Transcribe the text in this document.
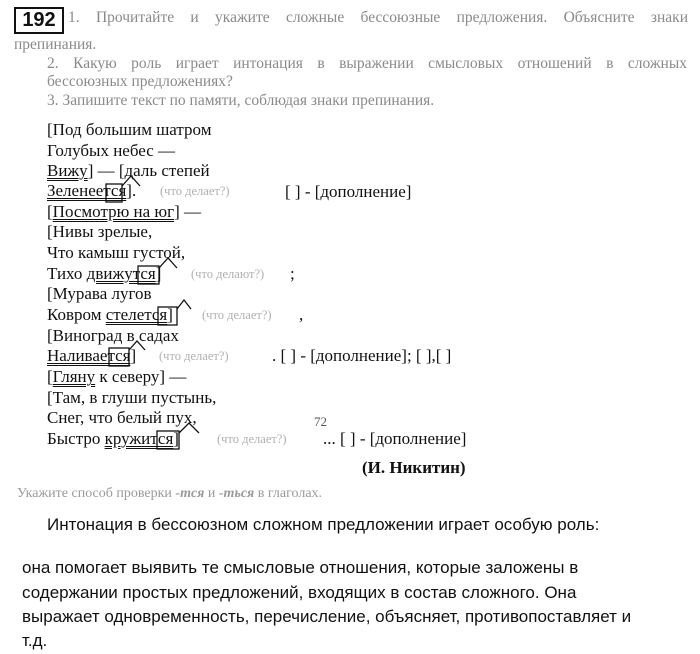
192 1. Прочитайте и укажите сложные бессоюзные предложения. Объясните знаки
препинания.
2. Какую роль играет интонация в выражении смысловых отношений в сложных
бессоюзных предложениях?
3. Запишите текст по памяти, соблюдая знаки препинания.
[Под большим шатром
Голубых небес —
Вижу] — [даль степей
Зеленеется]. (что делает?)	[ ] - [дополнение]
[Посмотрю на юг] —
[Нивы зрелые,
Что камыш густой,
Тихо движутся] (что делают?) ;
[Мурава лугов
Ковром стелется] (что делает?) ,
[Виноград в садах
Наливается] (что делает?)	. [ ] - [дополнение]; [ ],[ ]
[Гляну к северу] —
[Там, в глуши пустынь,
Снег, что белый пух,	72
Быстро кружится]	(что делает?) ... [ ] - [дополнение]
(И. Никитин)
Укажите способ проверки -тся и -ться в глаголах.
Интонация в бессоюзном сложном предложении играет особую роль:
она помогает выявить те смысловые отношения, которые заложены в
содержании простых предложений, входящих в состав сложного. Она
выражает одновременность, перечисление, объясняет, противопоставляет и
т.д.
